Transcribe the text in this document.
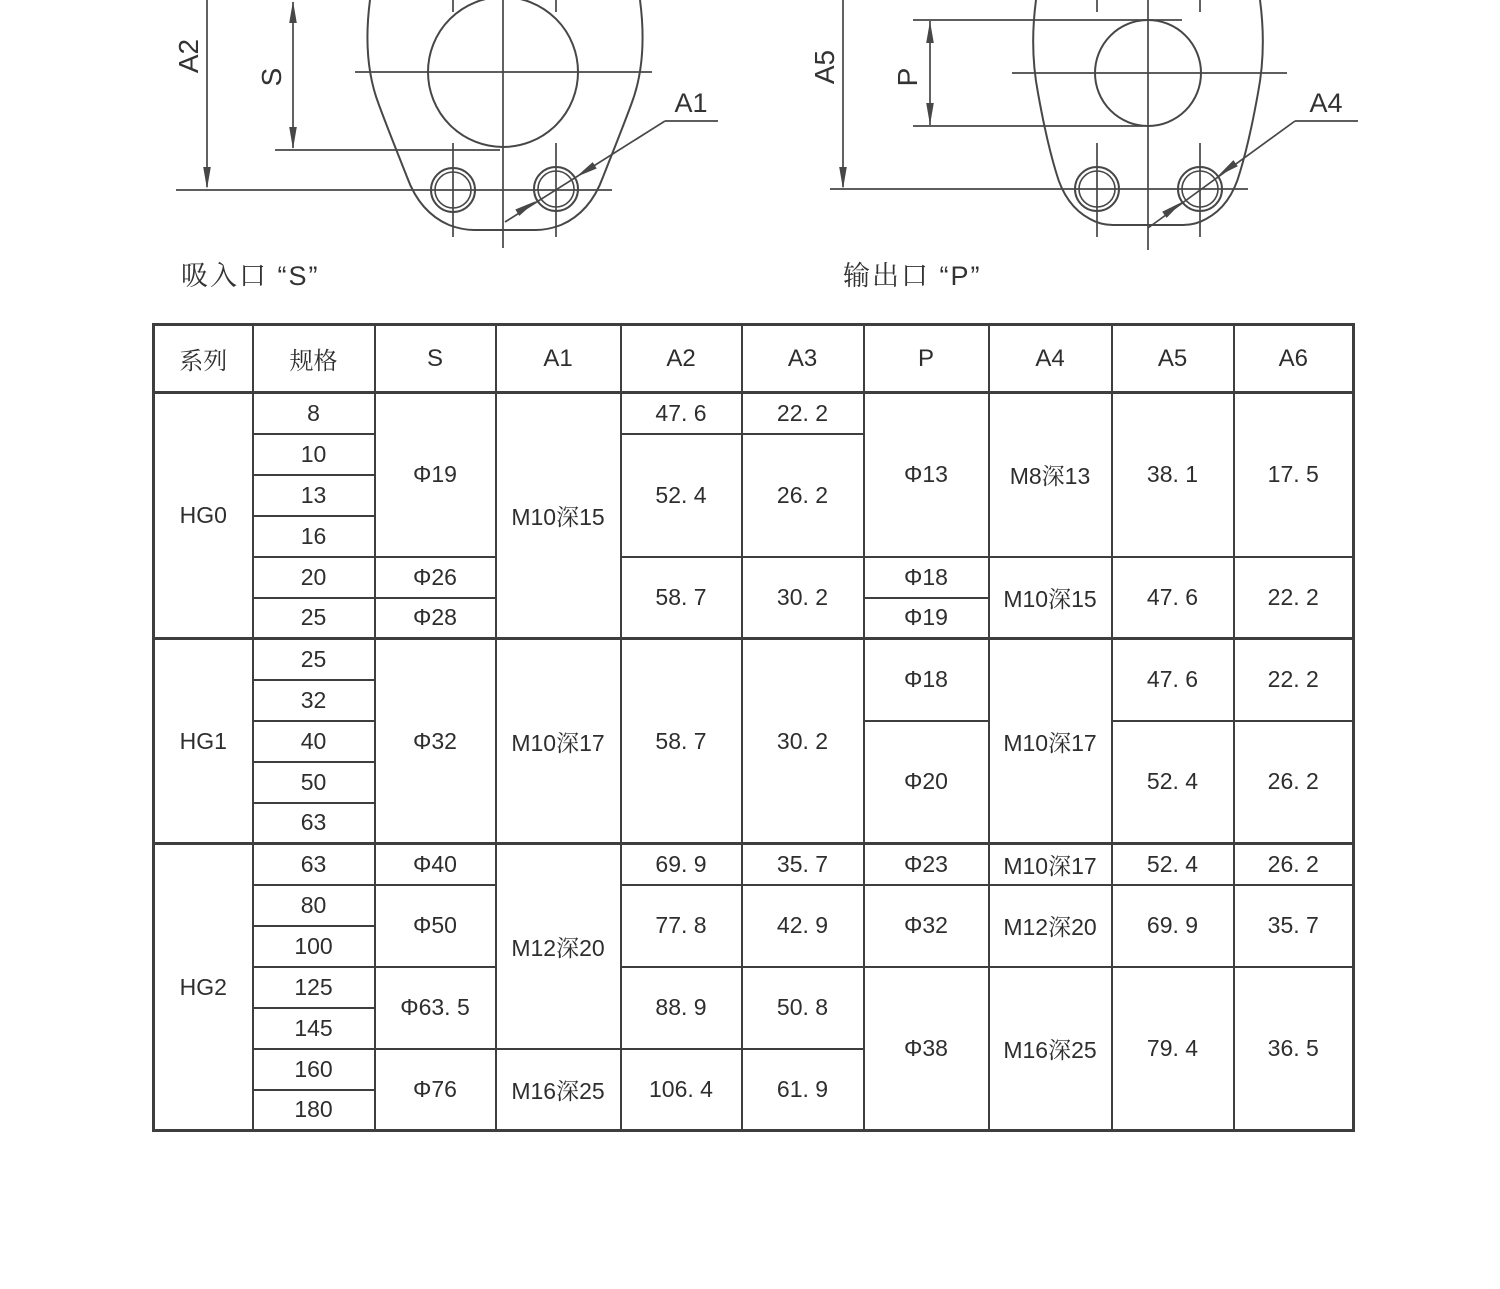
A2
S
A1
A5 P
A4
吸入口 “S”	输出口 “P”
系列	规格	S	A1	A2	A3	P	A4	A5	A6
HG0	8	Φ19	M10深15	47. 6	22. 2	Φ13	M8深13	38. 1	17. 5
	10			52. 4	26. 2				
	13								
	16								
	20	Φ26		58. 7	30. 2	Φ18	M10深15	47. 6	22. 2
	25	Φ28				Φ19			
HG1	25	Φ32	M10深17	58. 7	30. 2	Φ18	M10深17	47. 6	22. 2
	32								
	40					Φ20		52. 4	26. 2
	50								
	63								
HG2	63	Φ40	M12深20	69. 9	35. 7	Φ23	M10深17	52. 4	26. 2
	80	Φ50		77. 8	42. 9	Φ32	M12深20	69. 9	35. 7
	100								
	125	Φ63. 5		88. 9	50. 8	Φ38	M16深25	79. 4	36. 5
	145								
	160	Φ76	M16深25	106. 4	61. 9				
	180								
